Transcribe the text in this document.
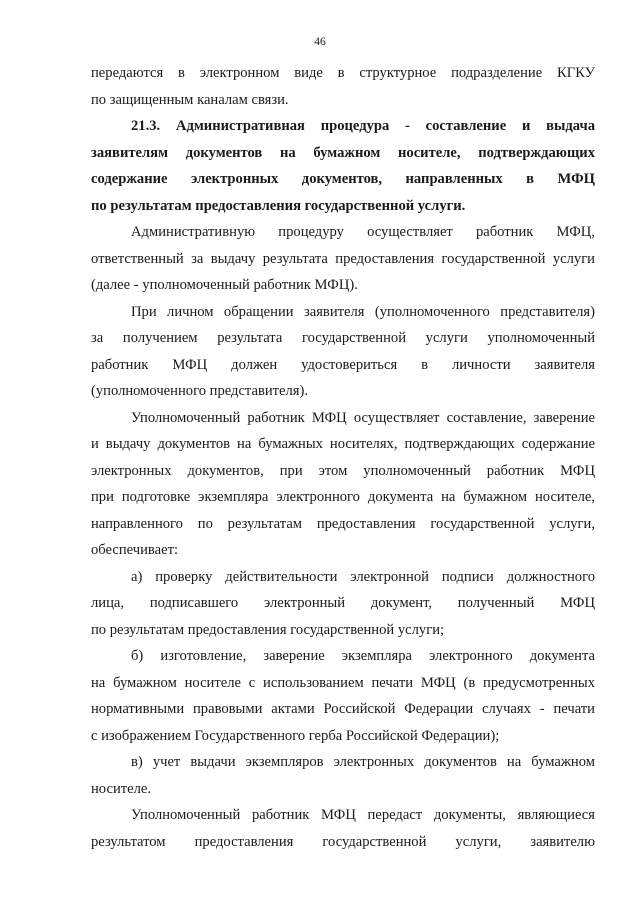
46
передаются в электронном виде в структурное подразделение КГКУ
по защищенным каналам связи.
21.3. Административная процедура - составление и выдача
заявителям документов на бумажном носителе, подтверждающих
содержание электронных документов, направленных в МФЦ
по результатам предоставления государственной услуги.
Административную процедуру осуществляет работник МФЦ,
ответственный за выдачу результата предоставления государственной услуги
(далее - уполномоченный работник МФЦ).
При личном обращении заявителя (уполномоченного представителя)
за получением результата государственной услуги уполномоченный
работник МФЦ должен удостовериться в личности заявителя
(уполномоченного представителя).
Уполномоченный работник МФЦ осуществляет составление, заверение
и выдачу документов на бумажных носителях, подтверждающих содержание
электронных документов, при этом уполномоченный работник МФЦ
при подготовке экземпляра электронного документа на бумажном носителе,
направленного по результатам предоставления государственной услуги,
обеспечивает:
а) проверку действительности электронной подписи должностного
лица, подписавшего электронный документ, полученный МФЦ
по результатам предоставления государственной услуги;
б) изготовление, заверение экземпляра электронного документа
на бумажном носителе с использованием печати МФЦ (в предусмотренных
нормативными правовыми актами Российской Федерации случаях - печати
с изображением Государственного герба Российской Федерации);
в) учет выдачи экземпляров электронных документов на бумажном
носителе.
Уполномоченный работник МФЦ передаст документы, являющиеся
результатом предоставления государственной услуги, заявителю
